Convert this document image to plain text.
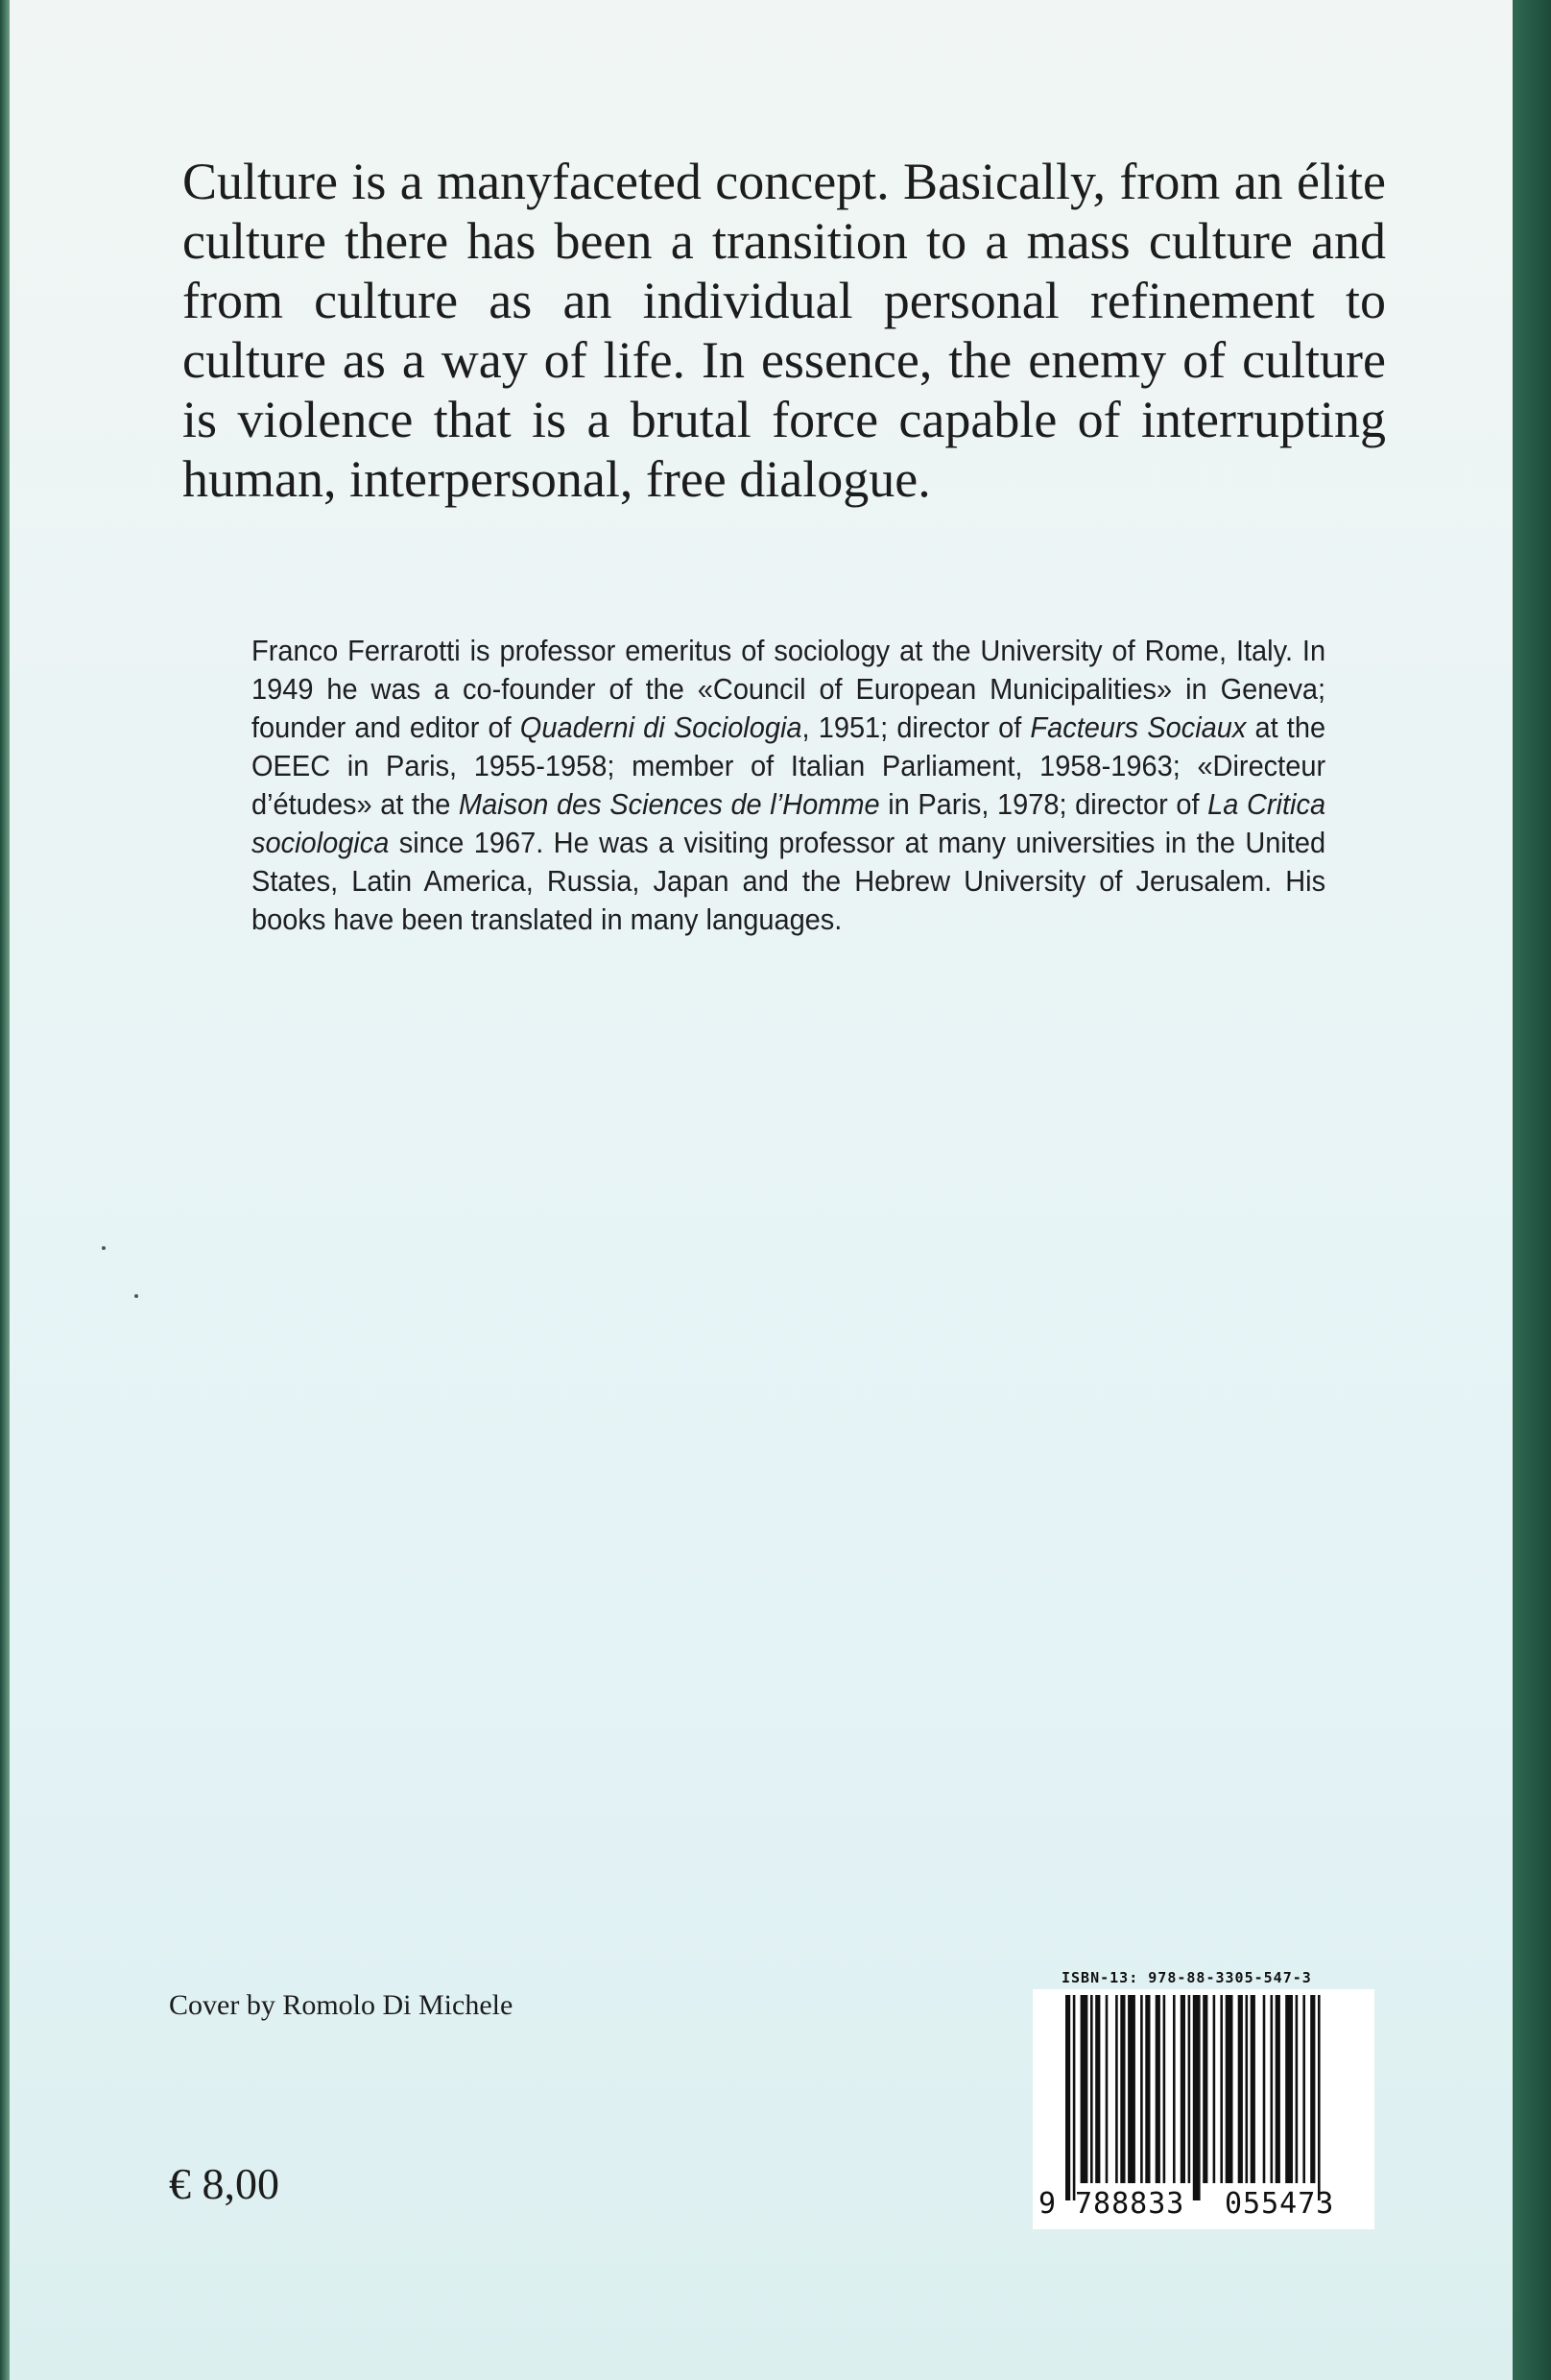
Culture is a manyfaceted concept. Basically, from an élite culture there has been a transition to a mass culture and from culture as an individual personal refinement to culture as a way of life. In essence, the enemy of culture is violence that is a brutal force capable of interrupting human, interpersonal, free dialogue.

Franco Ferrarotti is professor emeritus of sociology at the University of Rome, Italy. In 1949 he was a co-founder of the «Council of European Municipalities» in Geneva; founder and editor of Quaderni di Sociologia, 1951; director of Facteurs Sociaux at the OEEC in Paris, 1955-1958; member of Italian Parliament, 1958-1963; «Directeur d’études» at the Maison des Sciences de l’Homme in Paris, 1978; director of La Critica sociologica since 1967. He was a visiting professor at many universities in the United States, Latin America, Russia, Japan and the Hebrew University of Jerusalem. His books have been translated in many languages.

Cover by Romolo Di Michele
€ 8,00
ISBN-13: 978-88-3305-547-3
9 788833 055473
